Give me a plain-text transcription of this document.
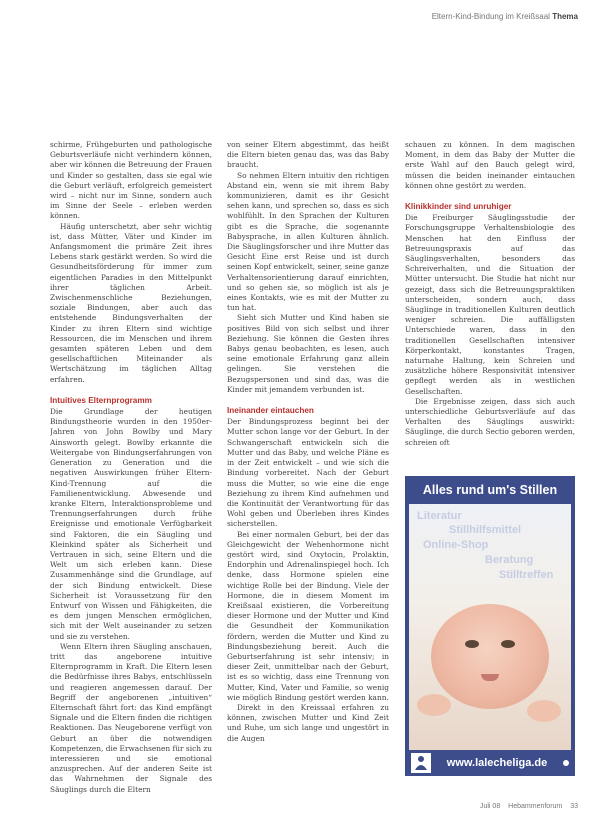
Eltern-Kind-Bindung im Kreißsaal Thema

schirme, Frühgeburten und pathologische Geburtsverläufe nicht verhindern können, aber wir können die Betreuung der Frauen und Kinder so gestalten, dass sie egal wie die Geburt verläuft, erfolgreich gemeistert wird – nicht nur im Sinne, sondern auch im Sinne der Seele – erleben werden können.

Häufig unterschetzt, aber sehr wichtig ist, dass Mütter, Väter und Kinder im Anfangsmoment die primäre Zeit ihres Lebens stark gestärkt werden. So wird die Gesundheitsförderung für immer zum eigentlichen Paradies in den Mittelpunkt ihrer täglichen Arbeit. Zwischenmenschliche Beziehungen, soziale Bindungen, aber auch das entstehende Bindungsverhalten der Kinder zu ihren Eltern sind wichtige Ressourcen, die im Menschen und ihrem gesamten späteren Leben und dem gesellschaftlichen Miteinander als Wertschätzung im täglichen Alltag erfahren.

Intuitives Elternprogramm

Die Grundlage der heutigen Bindungstheorie wurden in den 1950er-Jahren von John Bowlby und Mary Ainsworth gelegt. Bowlby erkannte die Weitergabe von Bindungserfahrungen von Generation zu Generation und die negativen Auswirkungen früher Eltern-Kind-Trennung auf die Familienentwicklung. Abwesende und kranke Eltern, Interaktionsprobleme und Trennungserfahrungen durch frühe Ereignisse und emotionale Verfügbarkeit sind Faktoren, die ein Säugling und Kleinkind später als Sicherheit und Vertrauen in sich, seine Eltern und die Welt um sich erleben kann. Diese Zusammenhänge sind die Grundlage, auf der sich Bindung entwickelt. Diese Sicherheit ist Voraussetzung für den Entwurf von Wissen und Fähigkeiten, die es dem jungen Menschen ermöglichen, sich mit der Welt auseinander zu setzen und sie zu verstehen.

Wenn Eltern ihren Säugling anschauen, tritt das angeborene intuitive Elternprogramm in Kraft. Die Eltern lesen die Bedürfnisse ihres Babys, entschlüsseln und reagieren angemessen darauf. Der Begriff der angeborenen „intuitiven“ Elternschaft fährt fort: das Kind empfängt Signale und die Eltern finden die richtigen Reaktionen. Das Neugeborene verfügt von Geburt an über die notwendigen Kompetenzen, die Erwachsenen für sich zu interessieren und sie emotional anzusprechen. Auf der anderen Seite ist das Wahrnehmen der Signale des Säuglings durch die Eltern

von seiner Eltern abgestimmt, das heißt die Eltern bieten genau das, was das Baby braucht.

So nehmen Eltern intuitiv den richtigen Abstand ein, wenn sie mit ihrem Baby kommunizieren, damit es ihr Gesicht sehen kann, und sprechen so, dass es sich wohlfühlt. In den Sprachen der Kulturen gibt es die Sprache, die sogenannte Babysprache, in allen Kulturen ähnlich. Die Säuglingsforscher und ihre Mutter das Gesicht Eine erst Reise und ist durch seinen Kopf entwickelt, seiner, seine ganze Verhaltensorientierung darauf einrichten, und so gehen sie, so möglich ist als je eines Kontakts, wie es mit der Mutter zu tun hat.

Sieht sich Mutter und Kind haben sie positives Bild von sich selbst und ihrer Beziehung. Sie können die Gesten ihres Babys genau beobachten, es lesen, auch seine emotionale Erfahrung ganz allein gelingen. Sie verstehen die Bezugspersonen und sind das, was die Kinder mit jemandem verbunden ist.

Ineinander eintauchen

Der Bindungsprozess beginnt bei der Mutter schon lange vor der Geburt. In der Schwangerschaft entwickeln sich die Mutter und das Baby, und welche Pläne es in der Zeit entwickelt – und wie sich die Bindung vorbereitet. Nach der Geburt muss die Mutter, so wie eine die enge Beziehung zu ihrem Kind aufnehmen und die Kontinuität der Verantwortung für das Wohl geben und Überleben ihres Kindes sicherstellen.

Bei einer normalen Geburt, bei der das Gleichgewicht der Wehenhormone nicht gestört wird, sind Oxytocin, Prolaktin, Endorphin und Adrenalinspiegel hoch. Ich denke, dass Hormone spielen eine wichtige Rolle bei der Bindung. Viele der Hormone, die in diesem Moment im Kreißsaal existieren, die Vorbereitung dieser Hormone und der Mutter und Kind die Gesundheit der Kommunikation fördern, werden die Mutter und Kind zu Bindungsbeziehung bereit. Auch die Geburtserfahrung ist sehr intensiv; in dieser Zeit, unmittelbar nach der Geburt, ist es so wichtig, dass eine Trennung von Mutter, Kind, Vater und Familie, so wenig wie möglich Bindung gestört werden kann.

Direkt in den Kreissaal erfahren zu können, zwischen Mutter und Kind Zeit und Ruhe, um sich lange und ungestört in die Augen

schauen zu können. In dem magischen Moment, in dem das Baby der Mutter die erste Wahl auf den Bauch gelegt wird, müssen die beiden ineinander eintauchen können ohne gestört zu werden.

Klinikkinder sind unruhiger

Die Freiburger Säuglingsstudie der Forschungsgruppe Verhaltensbiologie des Menschen hat den Einfluss der Betreuungspraxis auf das Säuglingsverhalten, besonders das Schreiverhalten, und die Situation der Mütter untersucht. Die Studie hat nicht nur gezeigt, dass sich die Betreuungspraktiken unterscheiden, sondern auch, dass Säuglinge in traditionellen Kulturen deutlich weniger schreien. Die auffälligsten Unterschiede waren, dass in den traditionellen Gesellschaften intensiver Körperkontakt, konstantes Tragen, naturnahe Haltung, kein Schreien und zusätzliche höhere Responsivität intensiver gepflegt werden als in westlichen Gesellschaften.

Die Ergebnisse zeigen, dass sich auch unterschiedliche Geburtsverläufe auf das Verhalten des Säuglings auswirkt: Säuglinge, die durch Sectio geboren werden, schreien oft

Alles rund um's Stillen
Literatur
Stillhilfsmittel
Online-Shop
Beratung
Stilltreffen
www.lalecheliga.de
Juli 08 Hebammenforum 33
